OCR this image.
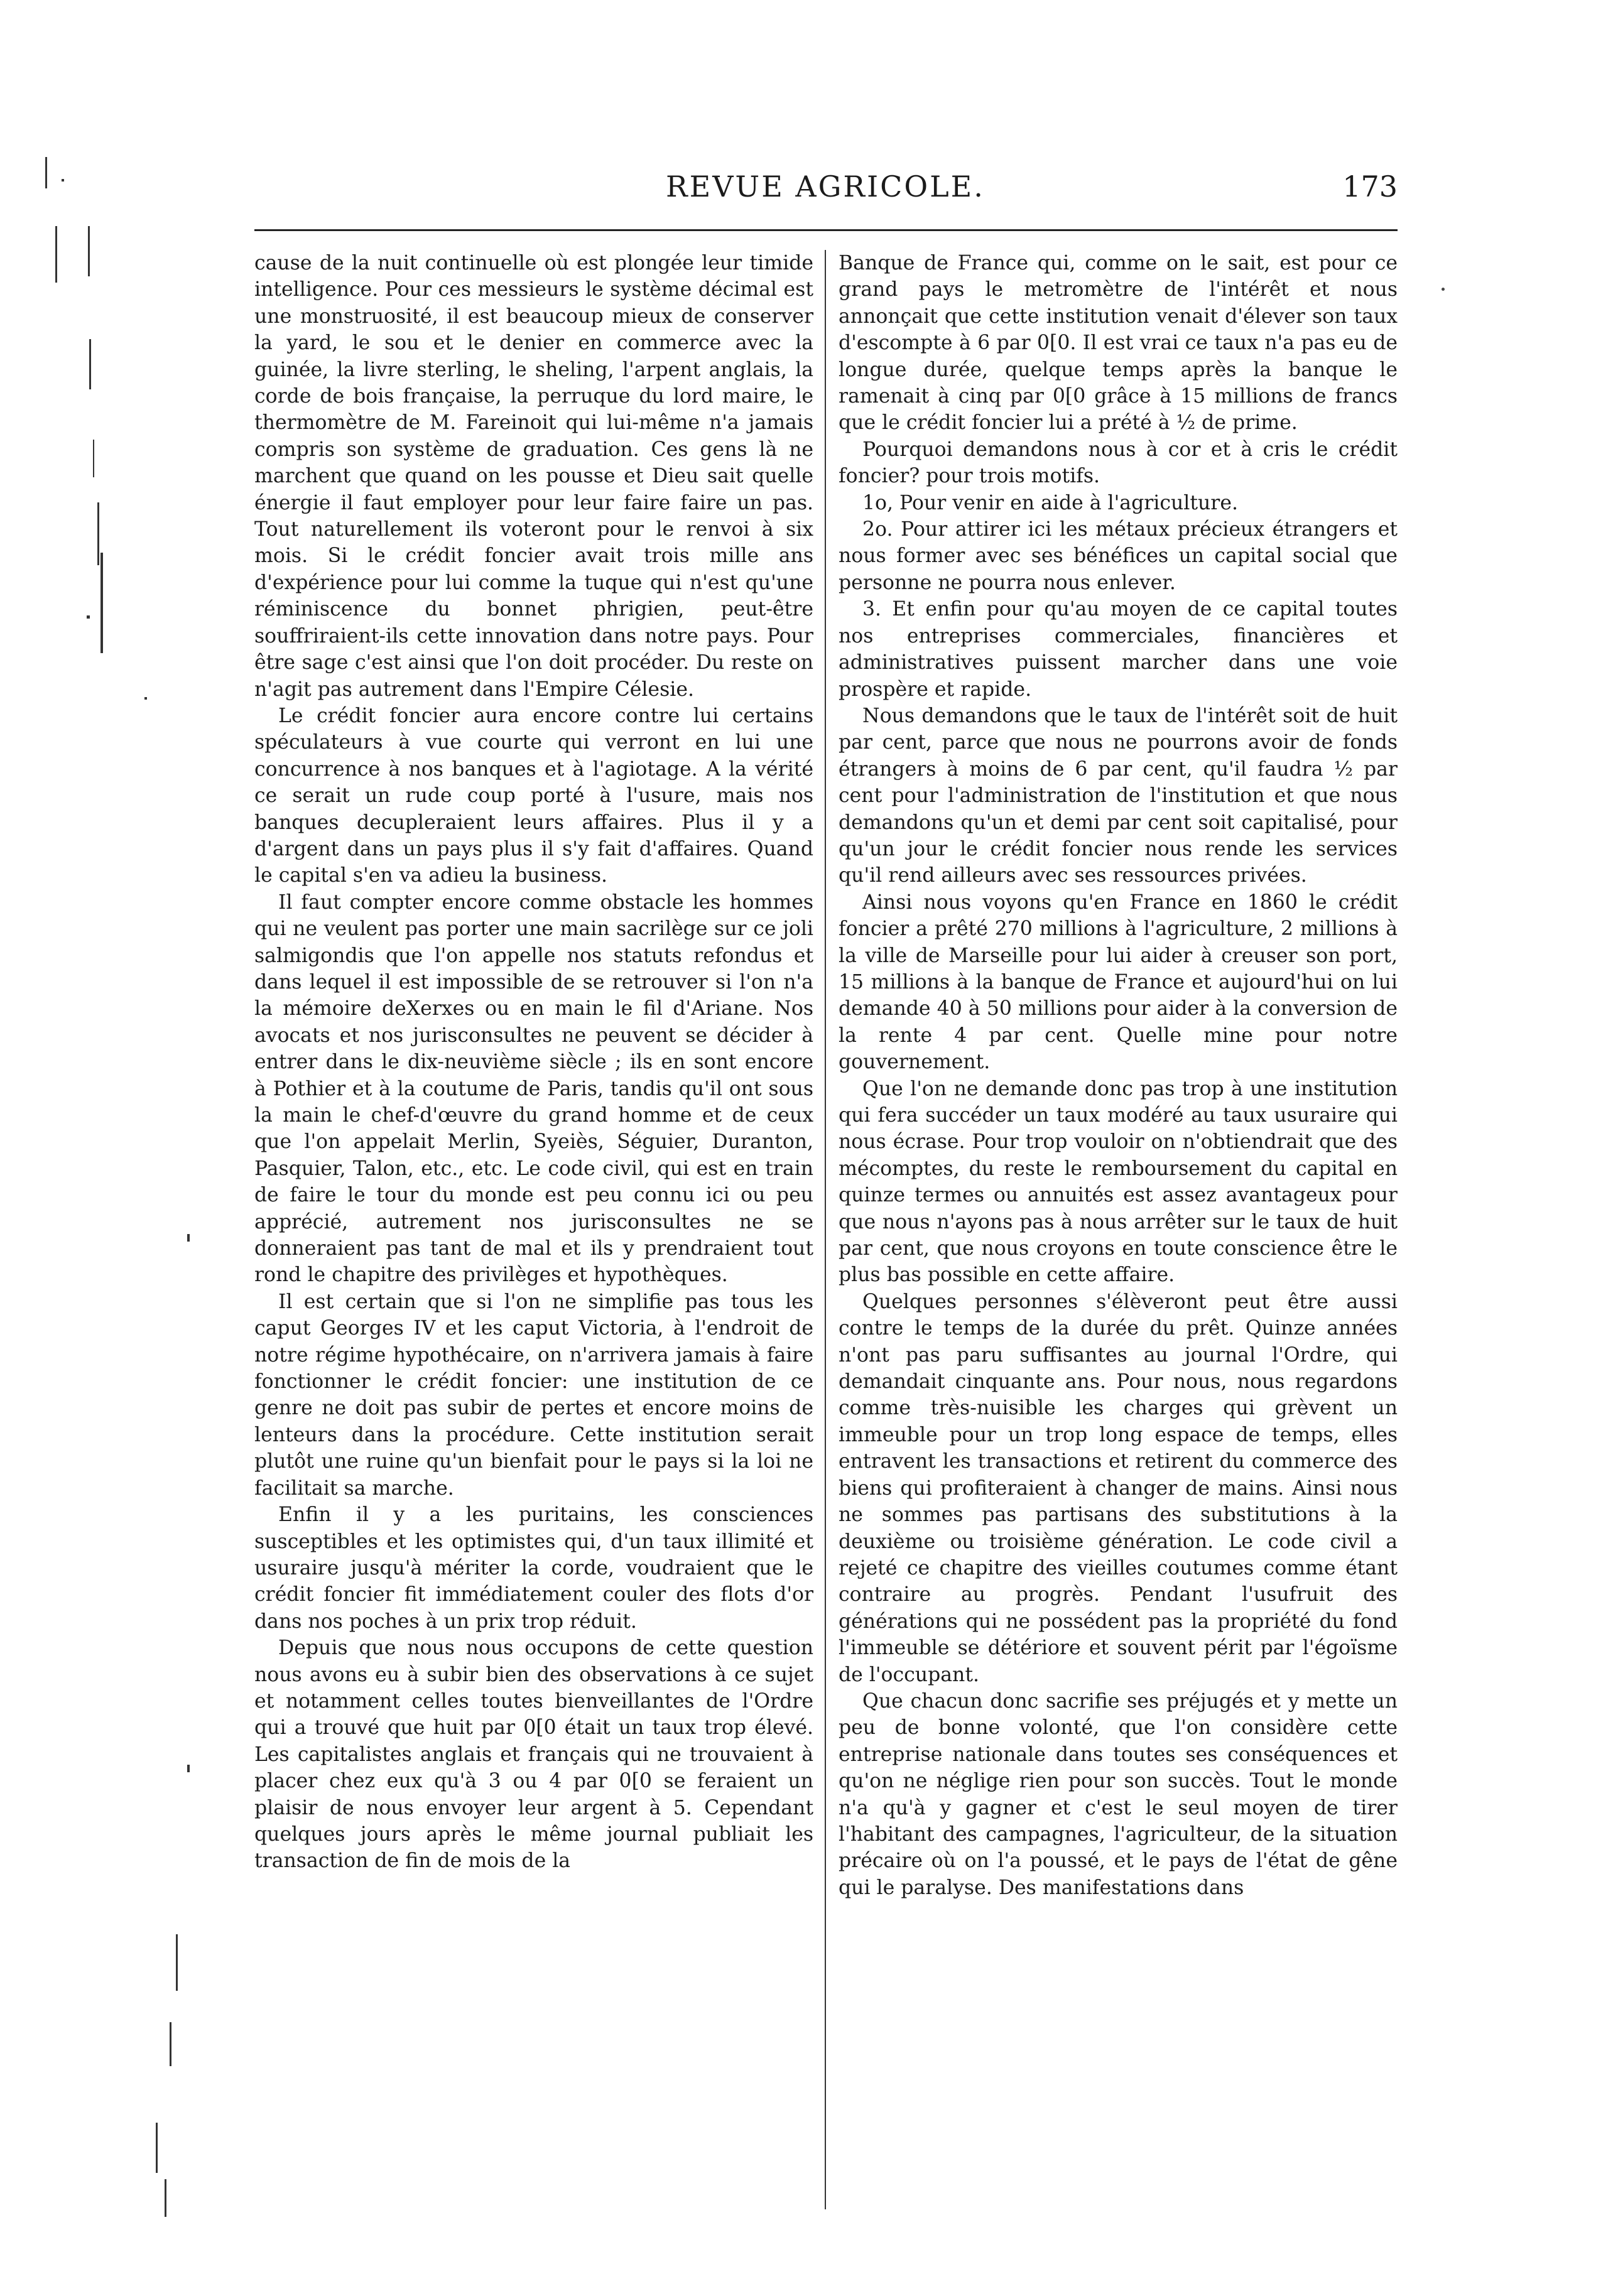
REVUE AGRICOLE.	173

cause de la nuit continuelle où est plongée leur timide intelligence. Pour ces messieurs le système décimal est une monstruosité, il est beaucoup mieux de conserver la yard, le sou et le denier en commerce avec la guinée, la livre sterling, le sheling, l'arpent anglais, la corde de bois française, la perruque du lord maire, le thermomètre de M. Fareinoit qui lui-même n'a jamais compris son système de graduation. Ces gens là ne marchent que quand on les pousse et Dieu sait quelle énergie il faut employer pour leur faire faire un pas. Tout naturellement ils voteront pour le renvoi à six mois. Si le crédit foncier avait trois mille ans d'expérience pour lui comme la tuque qui n'est qu'une réminiscence du bonnet phrigien, peut-être souffriraient-ils cette innovation dans notre pays. Pour être sage c'est ainsi que l'on doit procéder. Du reste on n'agit pas autrement dans l'Empire Célesie.

Le crédit foncier aura encore contre lui certains spéculateurs à vue courte qui verront en lui une concurrence à nos banques et à l'agiotage. A la vérité ce serait un rude coup porté à l'usure, mais nos banques decupleraient leurs affaires. Plus il y a d'argent dans un pays plus il s'y fait d'affaires. Quand le capital s'en va adieu la business.

Il faut compter encore comme obstacle les hommes qui ne veulent pas porter une main sacrilège sur ce joli salmigondis que l'on appelle nos statuts refondus et dans lequel il est impossible de se retrouver si l'on n'a la mémoire deXerxes ou en main le fil d'Ariane. Nos avocats et nos jurisconsultes ne peuvent se décider à entrer dans le dix-neuvième siècle ; ils en sont encore à Pothier et à la coutume de Paris, tandis qu'il ont sous la main le chef-d'œuvre du grand homme et de ceux que l'on appelait Merlin, Syeiès, Séguier, Duranton, Pasquier, Talon, etc., etc. Le code civil, qui est en train de faire le tour du monde est peu connu ici ou peu apprécié, autrement nos jurisconsultes ne se donneraient pas tant de mal et ils y prendraient tout rond le chapitre des privilèges et hypothèques.

Il est certain que si l'on ne simplifie pas tous les caput Georges IV et les caput Victoria, à l'endroit de notre régime hypothécaire, on n'arrivera jamais à faire fonctionner le crédit foncier: une institution de ce genre ne doit pas subir de pertes et encore moins de lenteurs dans la procédure. Cette institution serait plutôt une ruine qu'un bienfait pour le pays si la loi ne facilitait sa marche.

Enfin il y a les puritains, les consciences susceptibles et les optimistes qui, d'un taux illimité et usuraire jusqu'à mériter la corde, voudraient que le crédit foncier fit immédiatement couler des flots d'or dans nos poches à un prix trop réduit.

Depuis que nous nous occupons de cette question nous avons eu à subir bien des observations à ce sujet et notamment celles toutes bienveillantes de l'Ordre qui a trouvé que huit par 0[0 était un taux trop élevé. Les capitalistes anglais et français qui ne trouvaient à placer chez eux qu'à 3 ou 4 par 0[0 se feraient un plaisir de nous envoyer leur argent à 5. Cependant quelques jours après le même journal publiait les transaction de fin de mois de la

Banque de France qui, comme on le sait, est pour ce grand pays le metromètre de l'intérêt et nous annonçait que cette institution venait d'élever son taux d'escompte à 6 par 0[0. Il est vrai ce taux n'a pas eu de longue durée, quelque temps après la banque le ramenait à cinq par 0[0 grâce à 15 millions de francs que le crédit foncier lui a prété à ½ de prime.

Pourquoi demandons nous à cor et à cris le crédit foncier? pour trois motifs.

1o, Pour venir en aide à l'agriculture.

2o. Pour attirer ici les métaux précieux étrangers et nous former avec ses bénéfices un capital social que personne ne pourra nous enlever.

3. Et enfin pour qu'au moyen de ce capital toutes nos entreprises commerciales, financières et administratives puissent marcher dans une voie prospère et rapide.

Nous demandons que le taux de l'intérêt soit de huit par cent, parce que nous ne pourrons avoir de fonds étrangers à moins de 6 par cent, qu'il faudra ½ par cent pour l'administration de l'institution et que nous demandons qu'un et demi par cent soit capitalisé, pour qu'un jour le crédit foncier nous rende les services qu'il rend ailleurs avec ses ressources privées.

Ainsi nous voyons qu'en France en 1860 le crédit foncier a prêté 270 millions à l'agriculture, 2 millions à la ville de Marseille pour lui aider à creuser son port, 15 millions à la banque de France et aujourd'hui on lui demande 40 à 50 millions pour aider à la conversion de la rente 4 par cent. Quelle mine pour notre gouvernement.

Que l'on ne demande donc pas trop à une institution qui fera succéder un taux modéré au taux usuraire qui nous écrase. Pour trop vouloir on n'obtiendrait que des mécomptes, du reste le remboursement du capital en quinze termes ou annuités est assez avantageux pour que nous n'ayons pas à nous arrêter sur le taux de huit par cent, que nous croyons en toute conscience être le plus bas possible en cette affaire.

Quelques personnes s'élèveront peut être aussi contre le temps de la durée du prêt. Quinze années n'ont pas paru suffisantes au journal l'Ordre, qui demandait cinquante ans. Pour nous, nous regardons comme très-nuisible les charges qui grèvent un immeuble pour un trop long espace de temps, elles entravent les transactions et retirent du commerce des biens qui profiteraient à changer de mains. Ainsi nous ne sommes pas partisans des substitutions à la deuxième ou troisième génération. Le code civil a rejeté ce chapitre des vieilles coutumes comme étant contraire au progrès. Pendant l'usufruit des générations qui ne possédent pas la propriété du fond l'immeuble se détériore et souvent périt par l'égoïsme de l'occupant.

Que chacun donc sacrifie ses préjugés et y mette un peu de bonne volonté, que l'on considère cette entreprise nationale dans toutes ses conséquences et qu'on ne néglige rien pour son succès. Tout le monde n'a qu'à y gagner et c'est le seul moyen de tirer l'habitant des campagnes, l'agriculteur, de la situation précaire où on l'a poussé, et le pays de l'état de gêne qui le paralyse. Des manifestations dans
